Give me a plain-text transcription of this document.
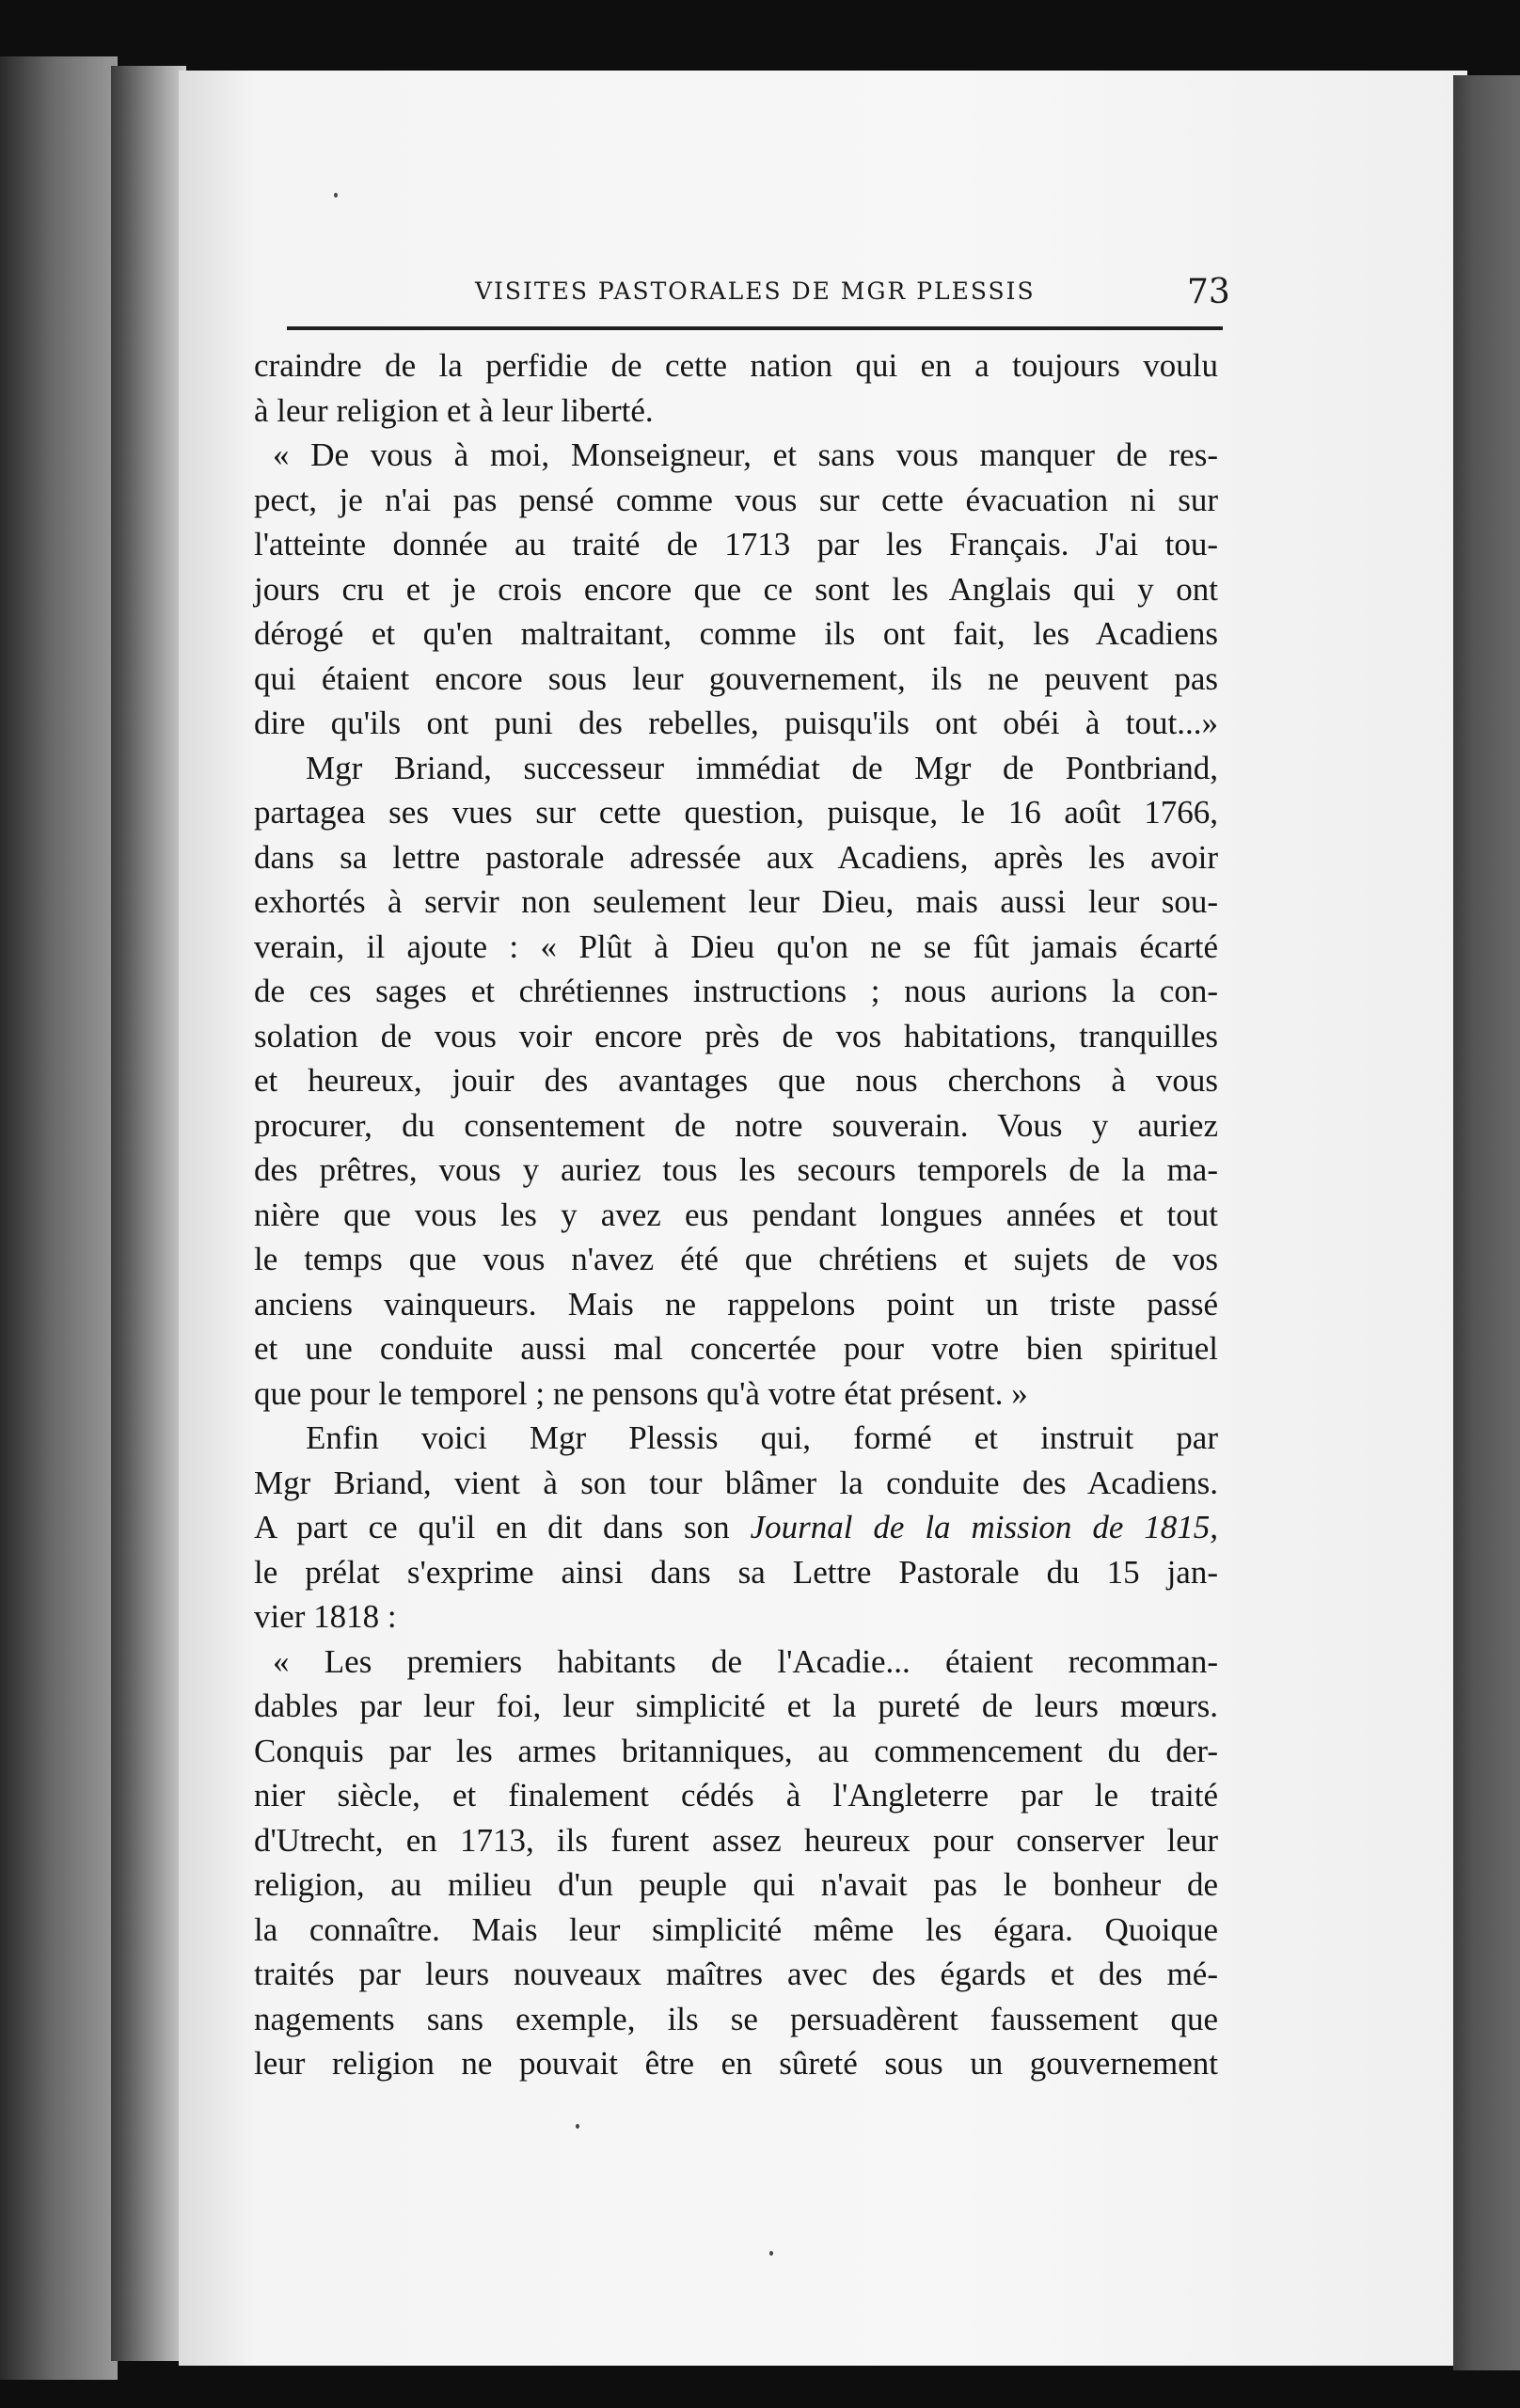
VISITES PASTORALES DE MGR PLESSIS	73
craindre de la perfidie de cette nation qui en a toujours voulu
à leur religion et à leur liberté.
« De vous à moi, Monseigneur, et sans vous manquer de res-
pect, je n'ai pas pensé comme vous sur cette évacuation ni sur
l'atteinte donnée au traité de 1713 par les Français. J'ai tou-
jours cru et je crois encore que ce sont les Anglais qui y ont
dérogé et qu'en maltraitant, comme ils ont fait, les Acadiens
qui étaient encore sous leur gouvernement, ils ne peuvent pas
dire qu'ils ont puni des rebelles, puisqu'ils ont obéi à tout...»
Mgr Briand, successeur immédiat de Mgr de Pontbriand,
partagea ses vues sur cette question, puisque, le 16 août 1766,
dans sa lettre pastorale adressée aux Acadiens, après les avoir
exhortés à servir non seulement leur Dieu, mais aussi leur sou-
verain, il ajoute : « Plût à Dieu qu'on ne se fût jamais écarté
de ces sages et chrétiennes instructions ; nous aurions la con-
solation de vous voir encore près de vos habitations, tranquilles
et heureux, jouir des avantages que nous cherchons à vous
procurer, du consentement de notre souverain. Vous y auriez
des prêtres, vous y auriez tous les secours temporels de la ma-
nière que vous les y avez eus pendant longues années et tout
le temps que vous n'avez été que chrétiens et sujets de vos
anciens vainqueurs. Mais ne rappelons point un triste passé
et une conduite aussi mal concertée pour votre bien spirituel
que pour le temporel ; ne pensons qu'à votre état présent. »
Enfin voici Mgr Plessis qui, formé et instruit par
Mgr Briand, vient à son tour blâmer la conduite des Acadiens.
A part ce qu'il en dit dans son Journal de la mission de 1815,
le prélat s'exprime ainsi dans sa Lettre Pastorale du 15 jan-
vier 1818 :
« Les premiers habitants de l'Acadie... étaient recomman-
dables par leur foi, leur simplicité et la pureté de leurs mœurs.
Conquis par les armes britanniques, au commencement du der-
nier siècle, et finalement cédés à l'Angleterre par le traité
d'Utrecht, en 1713, ils furent assez heureux pour conserver leur
religion, au milieu d'un peuple qui n'avait pas le bonheur de
la connaître. Mais leur simplicité même les égara. Quoique
traités par leurs nouveaux maîtres avec des égards et des mé-
nagements sans exemple, ils se persuadèrent faussement que
leur religion ne pouvait être en sûreté sous un gouvernement
